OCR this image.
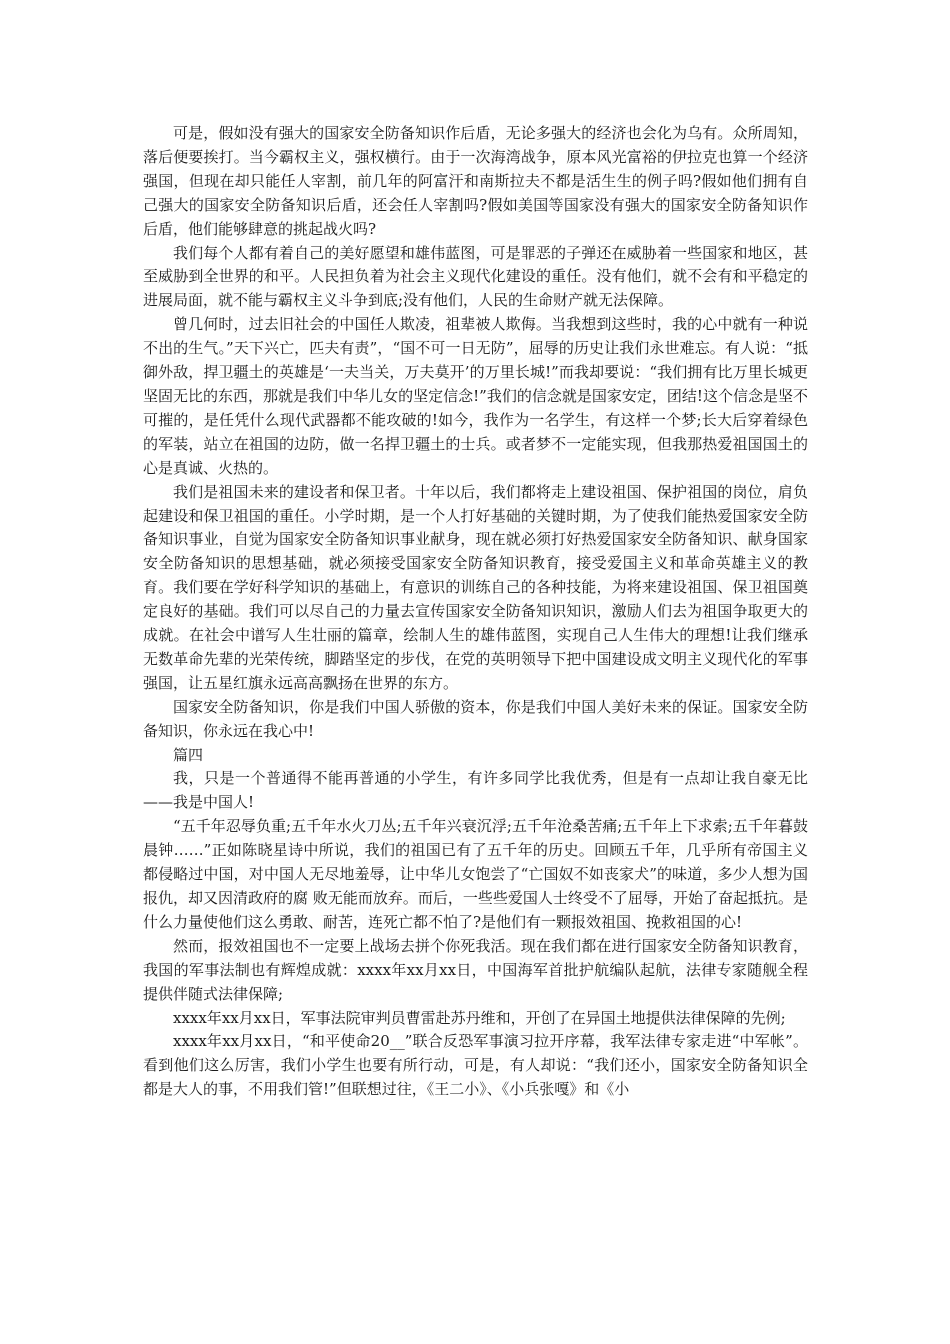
可是，假如没有强大的国家安全防备知识作后盾，无论多强大的经济也会化为乌有。众所周知，落后便要挨打。当今霸权主义，强权横行。由于一次海湾战争，原本风光富裕的伊拉克也算一个经济强国，但现在却只能任人宰割，前几年的阿富汗和南斯拉夫不都是活生生的例子吗?假如他们拥有自己强大的国家安全防备知识后盾，还会任人宰割吗?假如美国等国家没有强大的国家安全防备知识作后盾，他们能够肆意的挑起战火吗?

我们每个人都有着自己的美好愿望和雄伟蓝图，可是罪恶的子弹还在威胁着一些国家和地区，甚至威胁到全世界的和平。人民担负着为社会主义现代化建设的重任。没有他们，就不会有和平稳定的进展局面，就不能与霸权主义斗争到底;没有他们，人民的生命财产就无法保障。

曾几何时，过去旧社会的中国任人欺凌，祖辈被人欺侮。当我想到这些时，我的心中就有一种说不出的生气。”天下兴亡，匹夫有责”，“国不可一日无防”，屈辱的历史让我们永世难忘。有人说：“抵御外敌，捍卫疆土的英雄是‘一夫当关，万夫莫开’的万里长城!”而我却要说：“我们拥有比万里长城更坚固无比的东西，那就是我们中华儿女的坚定信念!”我们的信念就是国家安定，团结!这个信念是坚不可摧的，是任凭什么现代武器都不能攻破的!如今，我作为一名学生，有这样一个梦;长大后穿着绿色的军装，站立在祖国的边防，做一名捍卫疆土的士兵。或者梦不一定能实现，但我那热爱祖国国土的心是真诚、火热的。

我们是祖国未来的建设者和保卫者。十年以后，我们都将走上建设祖国、保护祖国的岗位，肩负起建设和保卫祖国的重任。小学时期，是一个人打好基础的关键时期，为了使我们能热爱国家安全防备知识事业，自觉为国家安全防备知识事业献身，现在就必须打好热爱国家安全防备知识、献身国家安全防备知识的思想基础，就必须接受国家安全防备知识教育，接受爱国主义和革命英雄主义的教育。我们要在学好科学知识的基础上，有意识的训练自己的各种技能，为将来建设祖国、保卫祖国奠定良好的基础。我们可以尽自己的力量去宣传国家安全防备知识知识，激励人们去为祖国争取更大的成就。在社会中谱写人生壮丽的篇章，绘制人生的雄伟蓝图，实现自己人生伟大的理想!让我们继承无数革命先辈的光荣传统，脚踏坚定的步伐，在党的英明领导下把中国建设成文明主义现代化的军事强国，让五星红旗永远高高飘扬在世界的东方。

国家安全防备知识，你是我们中国人骄傲的资本，你是我们中国人美好未来的保证。国家安全防备知识，你永远在我心中!

篇四

我，只是一个普通得不能再普通的小学生，有许多同学比我优秀，但是有一点却让我自豪无比——我是中国人!

“五千年忍辱负重;五千年水火刀丛;五千年兴衰沉浮;五千年沧桑苦痛;五千年上下求索;五千年暮鼓晨钟……”正如陈晓星诗中所说，我们的祖国已有了五千年的历史。回顾五千年，几乎所有帝国主义都侵略过中国，对中国人无尽地羞辱，让中华儿女饱尝了“亡国奴不如丧家犬”的味道，多少人想为国报仇，却又因清政府的腐 败无能而放弃。而后，一些些爱国人士终受不了屈辱，开始了奋起抵抗。是什么力量使他们这么勇敢、耐苦，连死亡都不怕了?是他们有一颗报效祖国、挽救祖国的心!

然而，报效祖国也不一定要上战场去拼个你死我活。现在我们都在进行国家安全防备知识教育，我国的军事法制也有辉煌成就：xxxx年xx月xx日，中国海军首批护航编队起航，法律专家随舰全程提供伴随式法律保障;

xxxx年xx月xx日，军事法院审判员曹雷赴苏丹维和，开创了在异国土地提供法律保障的先例;

xxxx年xx月xx日，“和平使命20__”联合反恐军事演习拉开序幕，我军法律专家走进“中军帐”。看到他们这么厉害，我们小学生也要有所行动，可是，有人却说：“我们还小，国家安全防备知识全都是大人的事，不用我们管!”但联想过往，《王二小》、《小兵张嘎》和《小
